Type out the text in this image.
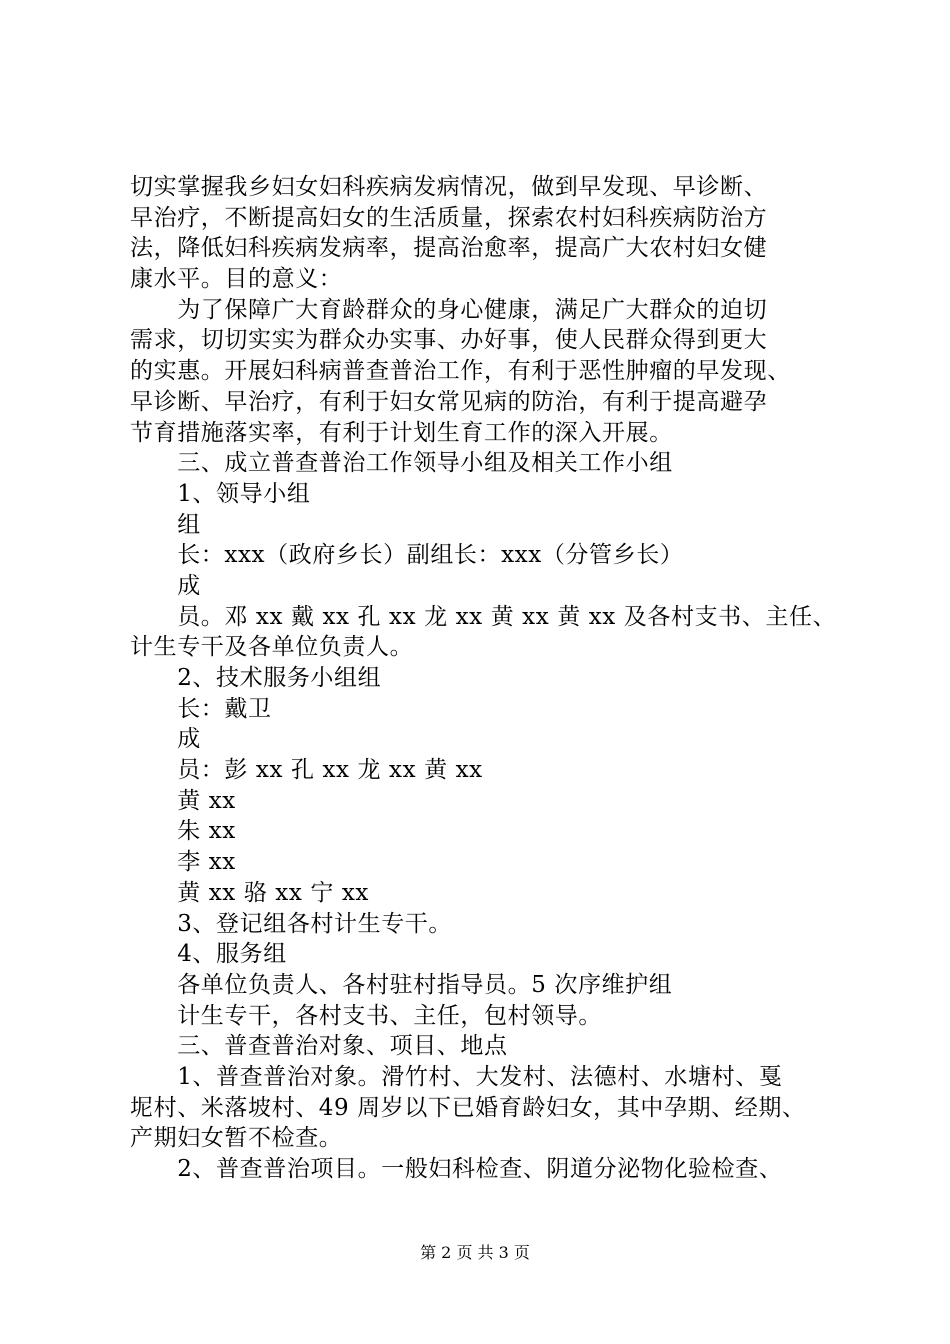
切实掌握我乡妇女妇科疾病发病情况，做到早发现、早诊断、
早治疗，不断提高妇女的生活质量，探索农村妇科疾病防治方
法，降低妇科疾病发病率，提高治愈率，提高广大农村妇女健
康水平。目的意义：
　　为了保障广大育龄群众的身心健康，满足广大群众的迫切
需求，切切实实为群众办实事、办好事，使人民群众得到更大
的实惠。开展妇科病普查普治工作，有利于恶性肿瘤的早发现、
早诊断、早治疗，有利于妇女常见病的防治，有利于提高避孕
节育措施落实率，有利于计划生育工作的深入开展。
　　三、成立普查普治工作领导小组及相关工作小组
　　1、领导小组
　　组
　　长：xxx（政府乡长）副组长：xxx（分管乡长）
　　成
　　员。邓 xx 戴 xx 孔 xx 龙 xx 黄 xx 黄 xx 及各村支书、主任、
计生专干及各单位负责人。
　　2、技术服务小组组
　　长：戴卫
　　成
　　员：彭 xx 孔 xx 龙 xx 黄 xx
　　黄 xx
　　朱 xx
　　李 xx
　　黄 xx 骆 xx 宁 xx
　　3、登记组各村计生专干。
　　4、服务组
　　各单位负责人、各村驻村指导员。5 次序维护组
　　计生专干，各村支书、主任，包村领导。
　　三、普查普治对象、项目、地点
　　1、普查普治对象。滑竹村、大发村、法德村、水塘村、戛
坭村、米落坡村、49 周岁以下已婚育龄妇女，其中孕期、经期、
产期妇女暂不检查。
　　2、普查普治项目。一般妇科检查、阴道分泌物化验检查、
第 2 页 共 3 页
